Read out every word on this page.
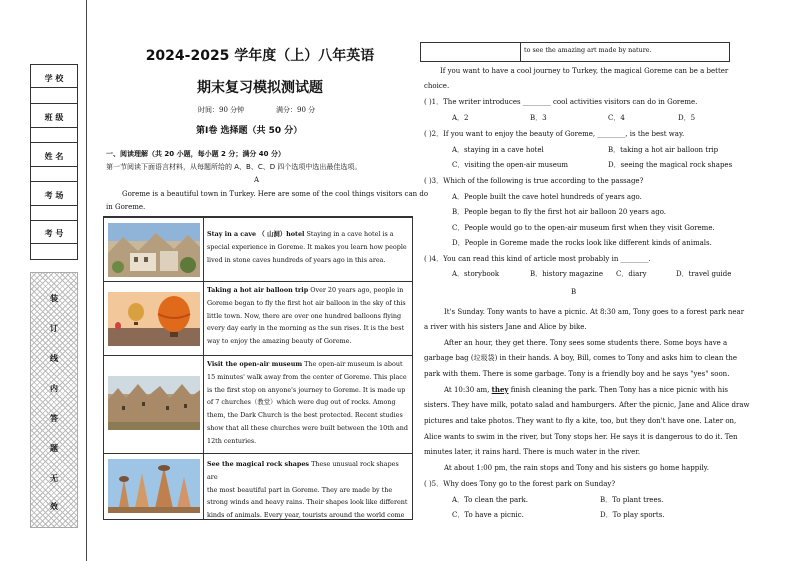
学 校
班 级
姓 名
考 场
考 号
装
订
线
内
答
题
无
效
2024-2025 学年度（上）八年英语
期末复习模拟测试题
时间：90 分钟	满分：90 分
第Ⅰ卷 选择题（共 50 分）
一、阅读理解（共 20 小题，每小题 2 分；满分 40 分）
第一节阅读下面语言材料，从每题所给的 A、B、C、D 四个选项中选出最佳选项。
A
Goreme is a beautiful town in Turkey. Here are some of the cool things visitors can do
in Goreme.
Stay in a cave （ 山洞）hotel Staying in a cave hotel is a
special experience in Goreme. It makes you learn how people
lived in stone caves hundreds of years ago in this area.
Taking a hot air balloon trip Over 20 years ago, people in
Goreme began to fly the first hot air balloon in the sky of this
little town. Now, there are over one hundred balloons flying
every day early in the morning as the sun rises. It is the best
way to enjoy the amazing beauty of Goreme.
Visit the open-air museum The open-air museum is about
15 minutes' walk away from the center of Goreme. This place
is the first stop on anyone's journey to Goreme. It is made up
of 7 churches（教堂）which were dug out of rocks. Among
them, the Dark Church is the best protected. Recent studies
show that all these churches were built between the 10th and
12th centuries.
See the magical rock shapes These unusual rock shapes are
the most beautiful part in Goreme. They are made by the
strong winds and heavy rains. Their shapes look like different
kinds of animals. Every year, tourists around the world come
to see the amazing art made by nature.
If you want to have a cool journey to Turkey, the magical Goreme can be a better
choice.
( )1．The writer introduces ________ cool activities visitors can do in Goreme.
A．2	B．3	C．4	D．5
( )2．If you want to enjoy the beauty of Goreme, ________, is the best way.
A．staying in a cave hotel	B．taking a hot air balloon trip
C．visiting the open-air museum	D．seeing the magical rock shapes
( )3．Which of the following is true according to the passage?
A．People built the cave hotel hundreds of years ago.
B．People began to fly the first hot air balloon 20 years ago.
C．People would go to the open-air museum first when they visit Goreme.
D．People in Goreme made the rocks look like different kinds of animals.
( )4．You can read this kind of article most probably in ________.
A．storybook	B．history magazine C．diary	D．travel guide
B
It's Sunday. Tony wants to have a picnic. At 8:30 am, Tony goes to a forest park near
a river with his sisters Jane and Alice by bike.
After an hour, they get there. Tony sees some students there. Some boys have a
garbage bag (垃圾袋) in their hands. A boy, Bill, comes to Tony and asks him to clean the
park with them. There is some garbage. Tony is a friendly boy and he says "yes" soon.
At 10:30 am, they finish cleaning the park. Then Tony has a nice picnic with his
sisters. They have milk, potato salad and hamburgers. After the picnic, Jane and Alice draw
pictures and take photos. They want to fly a kite, too, but they don't have one. Later on,
Alice wants to swim in the river, but Tony stops her. He says it is dangerous to do it. Ten
minutes later, it rains hard. There is much water in the river.
At about 1:00 pm, the rain stops and Tony and his sisters go home happily.
( )5．Why does Tony go to the forest park on Sunday?
A．To clean the park.	B．To plant trees.
C．To have a picnic.	D．To play sports.
